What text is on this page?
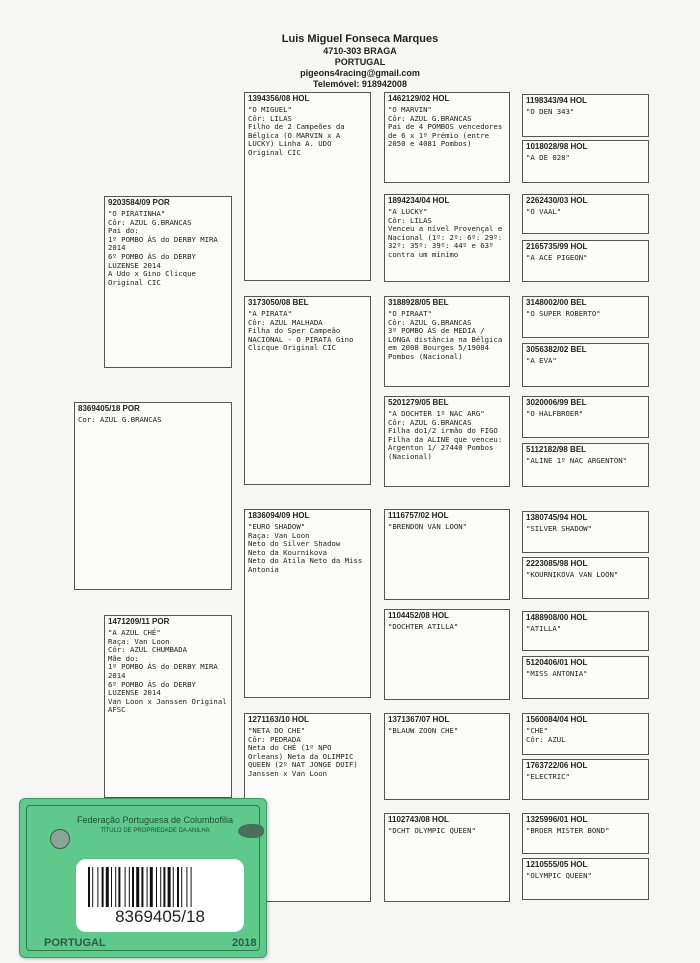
Luis Miguel Fonseca Marques
4710-303 BRAGA
PORTUGAL
pigeons4racing@gmail.com
Telemóvel: 918942008
8369405/18 POR
Cor: AZUL G.BRANCAS
9203584/09 POR
"O PIRATINHA"
Côr: AZUL G.BRANCAS
Pai do:
1º POMBO ÁS do DERBY MIRA 2014
6º POMBO ÁS do DERBY LUZENSE 2014
A Udo x Gino Clicque Original CIC
1471209/11 POR
"A AZUL CHÉ"
Raça: Van Loon
Côr: AZUL CHUMBADA
Mãe do:
1º POMBO ÁS do DERBY MIRA 2014
6º POMBO ÁS do DERBY LUZENSE 2014
Van Loon x Janssen Original AFSC
1394356/08 HOL
"O MIGUEL"
Côr: LILAS
Filho de 2 Campeões da Bélgica (O MARVIN x A LUCKY) Linha A. UDO Original CIC
3173050/08 BEL
"A PIRATA"
Côr: AZUL MALHADA
Filha do Sper Campeão NACIONAL - O PIRATA Gino Clicque Original CIC
1836094/09 HOL
"EURO SHADOW"
Raça: Van Loon
Neto do Silver Shadow
Neto da Kournikova
Neto do Atila Neto da Miss Antonia
1271163/10 HOL
"NETA DO CHE"
Côr: PEDRADA
Neta do CHÉ (1º NPO Orleans) Neta da OLIMPIC QUEEN (2º NAT JONGE DUIF) Janssen x Van Loon
1462129/02 HOL
"O MARVIN"
Côr: AZUL G.BRANCAS
Pai de 4 POMBOS vencedores de 6 x 1º Prémio (entre 2050 e 4081 Pombos)
1894234/04 HOL
"A LUCKY"
Côr: LILAS
Venceu a nível Provençal e Nacional (1º: 2º: 6º: 29º: 32º: 35º: 39º: 44º e 63º contra um mínimo
3188928/05 BEL
"O PIRAAT"
Côr: AZUL G.BRANCAS
3º POMBO ÁS de MEDIA / LONGA distância na Bélgica em 2008 Bourges 5/19084 Pombos (Nacional)
5201279/05 BEL
"A DOCHTER 1º NAC ARG"
Côr: AZUL G.BRANCAS
Filha do1/2 irmão do FIGO Filha da ALINE que venceu: Argenton 1/ 27440 Pombos (Nacional)
1116757/02 HOL
"BRENDON VAN LOON"
1104452/08 HOL
"DOCHTER ATILLA"
1371367/07 HOL
"BLAUW ZOON CHE"
1102743/08 HOL
"DCHT OLYMPIC QUEEN"
1198343/94 HOL
"O DEN 343"
1018028/98 HOL
"A DE 028"
2262430/03 HOL
"O VAAL"
2165735/99 HOL
"A ACE PIGEON"
3148002/00 BEL
"O SUPER ROBERTO"
3056382/02 BEL
"A EVA"
3020006/99 BEL
"O HALFBROER"
5112182/98 BEL
"ALINE 1º NAC ARGENTON"
1380745/94 HOL
"SILVER SHADOW"
2223085/98 HOL
"KOURNIKOVA VAN LOON"
1488908/00 HOL
"ATILLA"
5120406/01 HOL
"MISS ANTONIA"
1560084/04 HOL
"CHE"
Côr: AZUL
1763722/06 HOL
"ELECTRIC"
1325996/01 HOL
"BROER MISTER BOND"
1210555/05 HOL
"OLYMPIC QUEEN"
Federação Portuguesa de Columbofilia
TÍTULO DE PROPRIEDADE DA ANILHA
8369405/18
PORTUGAL	2018
